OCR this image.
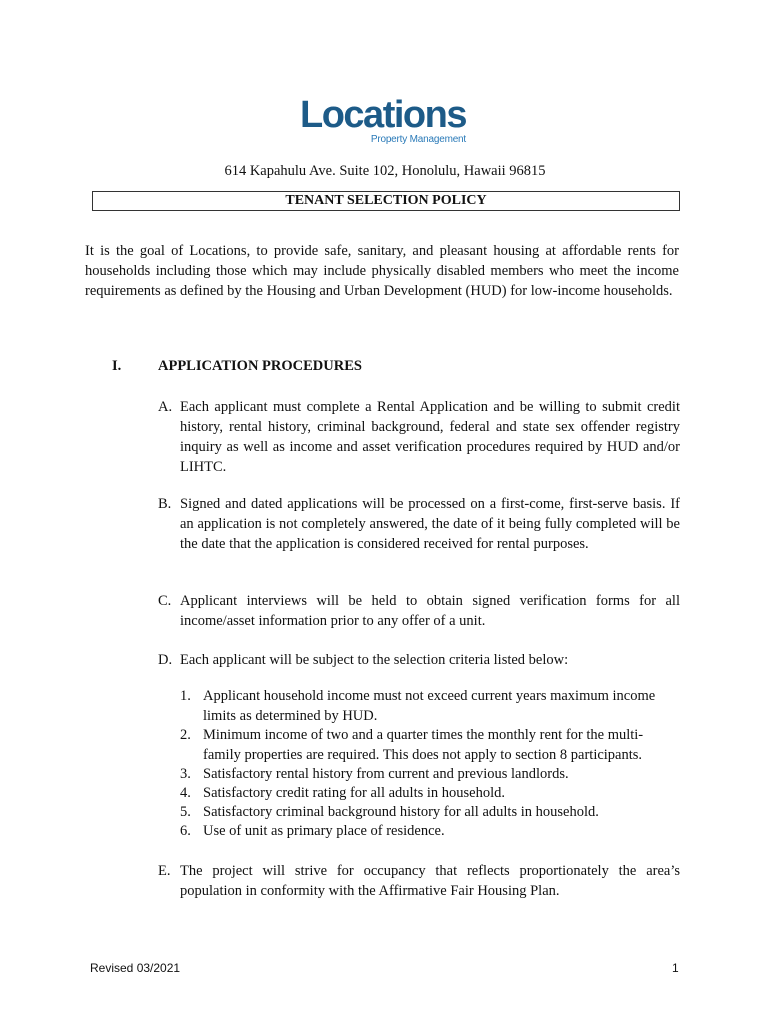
Locations
Property Management
614 Kapahulu Ave. Suite 102, Honolulu, Hawaii 96815
TENANT SELECTION POLICY
It is the goal of Locations, to provide safe, sanitary, and pleasant housing at affordable rents for households including those which may include physically disabled members who meet the income requirements as defined by the Housing and Urban Development (HUD) for low-income households.
I.	APPLICATION PROCEDURES
A. Each applicant must complete a Rental Application and be willing to submit credit history, rental history, criminal background, federal and state sex offender registry inquiry as well as income and asset verification procedures required by HUD and/or LIHTC.
B. Signed and dated applications will be processed on a first-come, first-serve basis. If an application is not completely answered, the date of it being fully completed will be the date that the application is considered received for rental purposes.
C. Applicant interviews will be held to obtain signed verification forms for all income/asset information prior to any offer of a unit.
D. Each applicant will be subject to the selection criteria listed below:
1. Applicant household income must not exceed current years maximum income limits as determined by HUD.
2. Minimum income of two and a quarter times the monthly rent for the multi-family properties are required. This does not apply to section 8 participants.
3. Satisfactory rental history from current and previous landlords.
4. Satisfactory credit rating for all adults in household.
5. Satisfactory criminal background history for all adults in household.
6. Use of unit as primary place of residence.
E. The project will strive for occupancy that reflects proportionately the area’s population in conformity with the Affirmative Fair Housing Plan.
Revised 03/2021	1
